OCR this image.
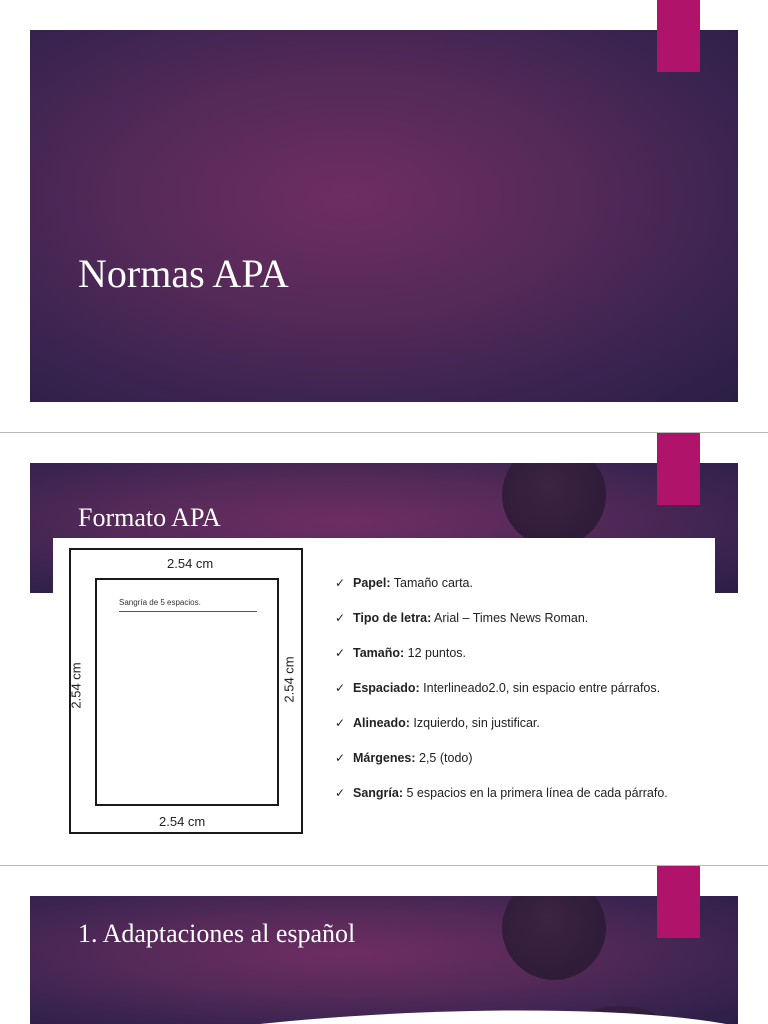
Normas APA
Formato APA
2.54 cm
2.54 cm	2.54 cm
2.54 cm
Sangría de 5 espacios.
✓ Papel: Tamaño carta.
✓ Tipo de letra: Arial – Times News Roman.
✓ Tamaño: 12 puntos.
✓ Espaciado: Interlineado2.0, sin espacio entre párrafos.
✓ Alineado: Izquierdo, sin justificar.
✓ Márgenes: 2,5 (todo)
✓ Sangría: 5 espacios en la primera línea de cada párrafo.
1. Adaptaciones al español
